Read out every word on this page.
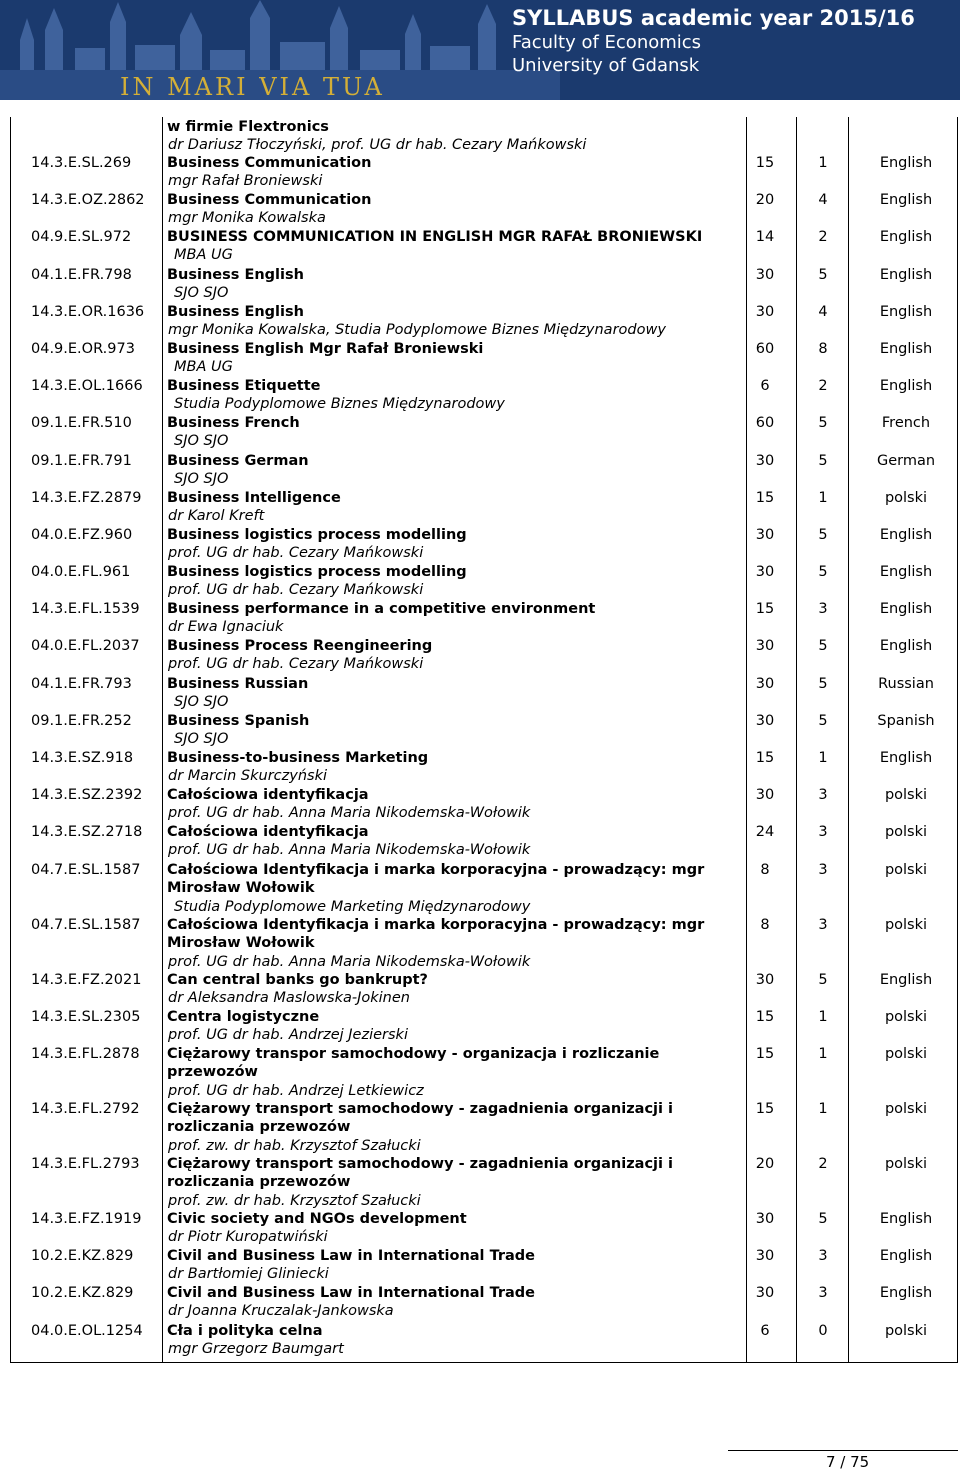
IN MARI VIA TUA
SYLLABUS academic year 2015/16
Faculty of Economics
University of Gdansk
w firmie Flextronics
dr Dariusz Tłoczyński, prof. UG dr hab. Cezary Mańkowski
14.3.E.SL.269 Business Communication
mgr Rafał Broniewski
15	1	English
14.3.E.OZ.2862 Business Communication
mgr Monika Kowalska
20	4	English
04.9.E.SL.972 BUSINESS COMMUNICATION IN ENGLISH MGR RAFAŁ BRONIEWSKI
MBA UG
14	2	English
04.1.E.FR.798 Business English
SJO SJO
30	5	English
14.3.E.OR.1636 Business English
mgr Monika Kowalska, Studia Podyplomowe Biznes Międzynarodowy
30	4	English
04.9.E.OR.973 Business English Mgr Rafał Broniewski
MBA UG
60	8	English
14.3.E.OL.1666 Business Etiquette
Studia Podyplomowe Biznes Międzynarodowy
6	2	English
09.1.E.FR.510 Business French
SJO SJO
60	5	French
09.1.E.FR.791 Business German
SJO SJO
30	5	German
14.3.E.FZ.2879 Business Intelligence
dr Karol Kreft
15	1	polski
04.0.E.FZ.960 Business logistics process modelling
prof. UG dr hab. Cezary Mańkowski
30	5	English
04.0.E.FL.961	Business logistics process modelling
prof. UG dr hab. Cezary Mańkowski
30	5	English
14.3.E.FL.1539 Business performance in a competitive environment
dr Ewa Ignaciuk
15	3	English
04.0.E.FL.2037 Business Process Reengineering
prof. UG dr hab. Cezary Mańkowski
30	5	English
04.1.E.FR.793 Business Russian
SJO SJO
30	5	Russian
09.1.E.FR.252 Business Spanish
SJO SJO
30	5	Spanish
14.3.E.SZ.918 Business-to-business Marketing
dr Marcin Skurczyński
15	1	English
14.3.E.SZ.2392 Całościowa identyfikacja
prof. UG dr hab. Anna Maria Nikodemska-Wołowik
30	3	polski
14.3.E.SZ.2718 Całościowa identyfikacja
prof. UG dr hab. Anna Maria Nikodemska-Wołowik
24	3	polski
04.7.E.SL.1587 Całościowa Identyfikacja i marka korporacyjna - prowadzący: mgr Mirosław Wołowik
Studia Podyplomowe Marketing Międzynarodowy
8	3	polski
04.7.E.SL.1587 Całościowa Identyfikacja i marka korporacyjna - prowadzący: mgr Mirosław Wołowik
prof. UG dr hab. Anna Maria Nikodemska-Wołowik
8	3	polski
14.3.E.FZ.2021 Can central banks go bankrupt?
dr Aleksandra Maslowska-Jokinen
30	5	English
14.3.E.SL.2305 Centra logistyczne
prof. UG dr hab. Andrzej Jezierski
15	1	polski
14.3.E.FL.2878 Ciężarowy transpor samochodowy - organizacja i rozliczanie przewozów
prof. UG dr hab. Andrzej Letkiewicz
15	1	polski
14.3.E.FL.2792 Ciężarowy transport samochodowy - zagadnienia organizacji i rozliczania przewozów
prof. zw. dr hab. Krzysztof Szałucki
15	1	polski
14.3.E.FL.2793 Ciężarowy transport samochodowy - zagadnienia organizacji i rozliczania przewozów
prof. zw. dr hab. Krzysztof Szałucki
20	2	polski
14.3.E.FZ.1919 Civic society and NGOs development
dr Piotr Kuropatwiński
30	5	English
10.2.E.KZ.829 Civil and Business Law in International Trade
dr Bartłomiej Gliniecki
30	3	English
10.2.E.KZ.829 Civil and Business Law in International Trade
dr Joanna Kruczalak-Jankowska
30	3	English
04.0.E.OL.1254 Cła i polityka celna
mgr Grzegorz Baumgart
6	0	polski
7 / 75
